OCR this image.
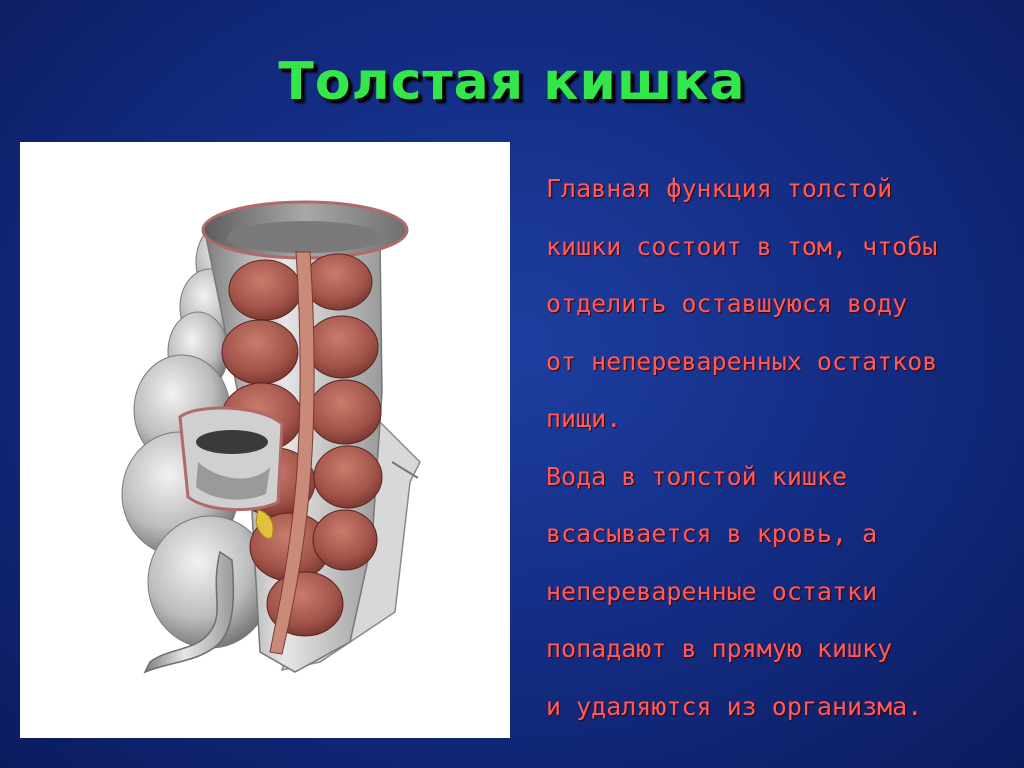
Толстая кишка
Главная функция толстой
кишки состоит в том, чтобы
отделить оставшуюся воду
от непереваренных остатков
пищи.
Вода в толстой кишке
всасывается в кровь, а
непереваренные остатки
попадают в прямую кишку
и удаляются из организма.
